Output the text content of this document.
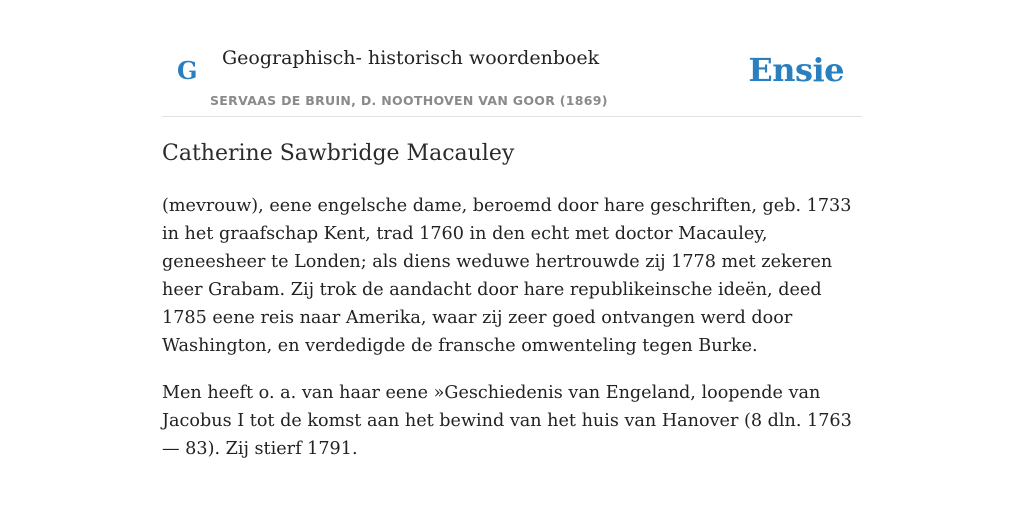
G Geographisch- historisch woordenboek
SERVAAS DE BRUIN, D. NOOTHOVEN VAN GOOR (1869)
Ensie
Catherine Sawbridge Macauley

(mevrouw), eene engelsche dame, beroemd door hare geschriften, geb. 1733 in het graafschap Kent, trad 1760 in den echt met doctor Macauley, geneesheer te Londen; als diens weduwe hertrouwde zij 1778 met zekeren heer Grabam. Zij trok de aandacht door hare republikeinsche ideën, deed 1785 eene reis naar Amerika, waar zij zeer goed ontvangen werd door Washington, en verdedigde de fransche omwenteling tegen Burke.

Men heeft o. a. van haar eene »Geschiedenis van Engeland, loopende van Jacobus I tot de komst aan het bewind van het huis van Hanover (8 dln. 1763— 83). Zij stierf 1791.
